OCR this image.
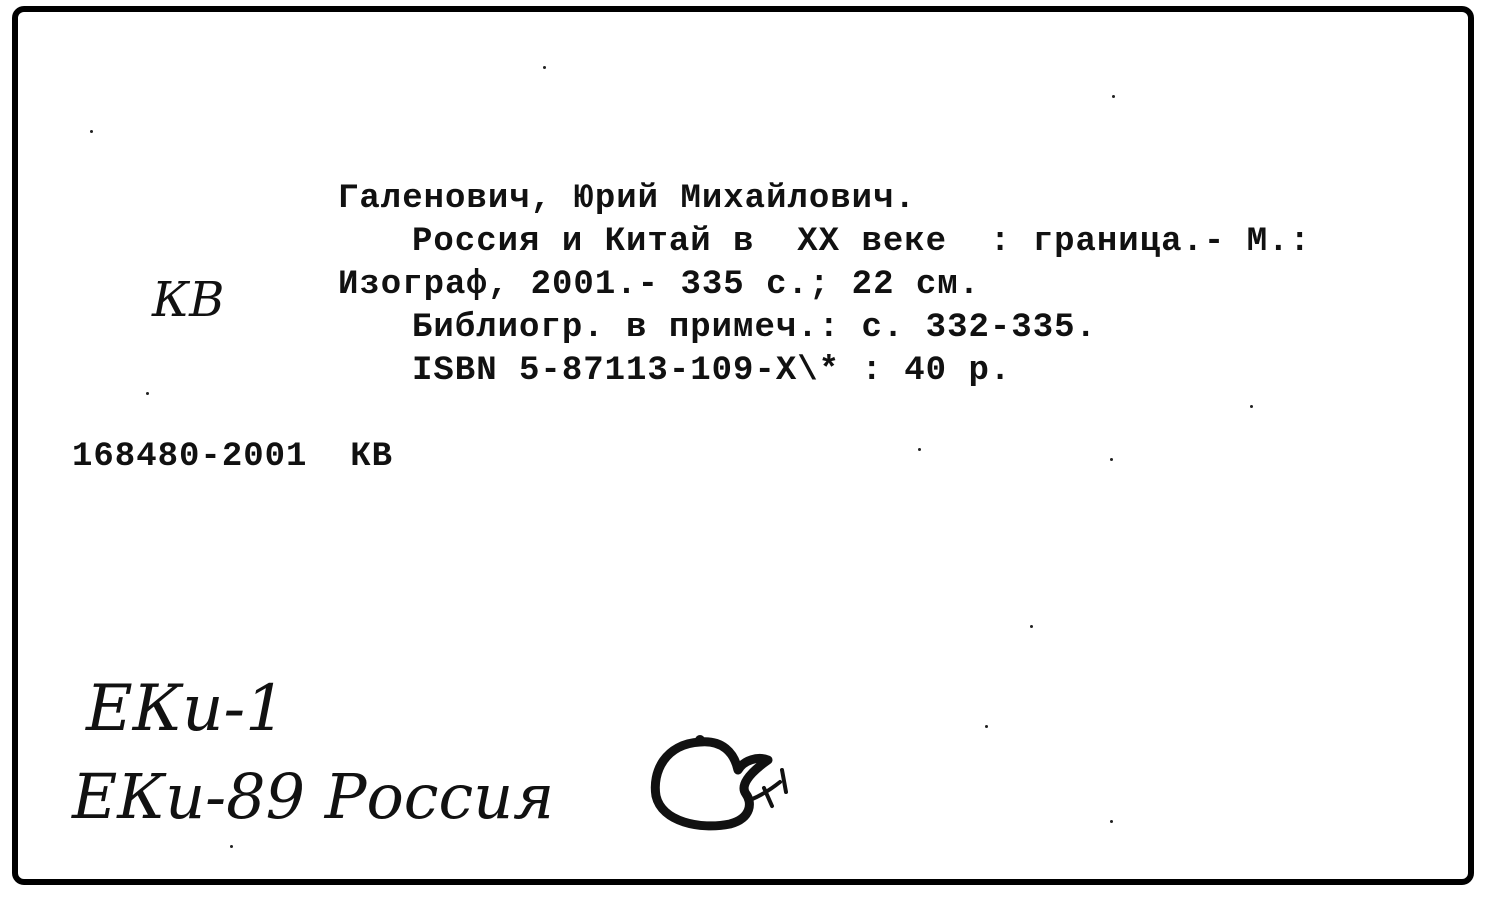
Галенович, Юрий Михайлович.
Россия и Китай в  XX веке  : граница.- М.:
Изограф, 2001.- 335 с.; 22 см.
Библиогр. в примеч.: с. 332-335.
ISBN 5-87113-109-X\* : 40 р.
168480-2001  КВ
КВ
ЕКи-1
ЕКи-89 Россия
